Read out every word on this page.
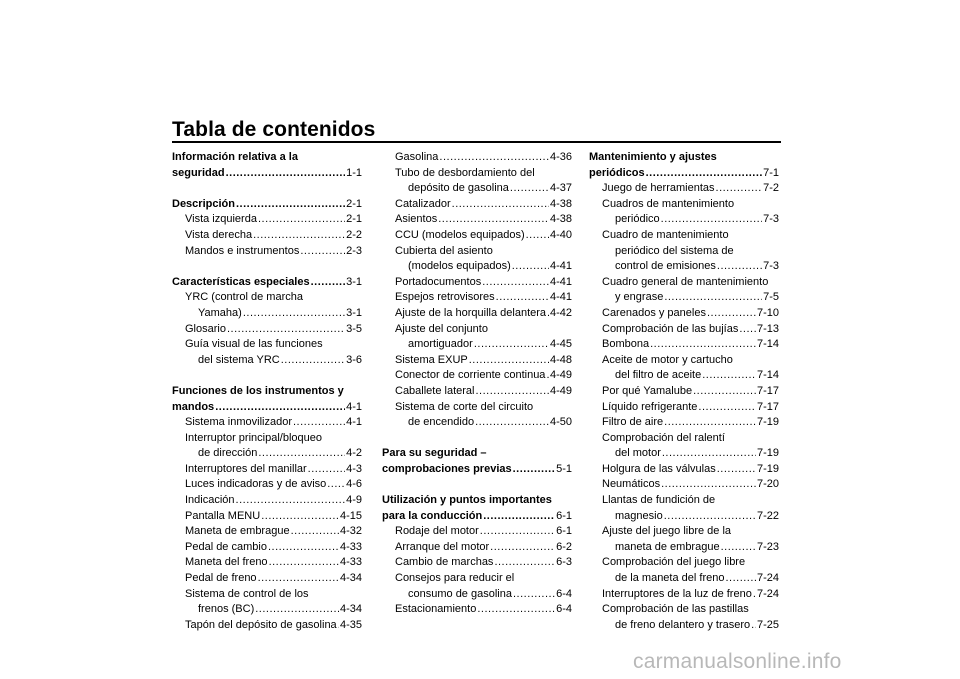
Tabla de contenidos
Información relativa a la
seguridad .....	1-1
Descripción .....	2-1
Vista izquierda .....	2-1
Vista derecha .....	2-2
Mandos e instrumentos .....	2-3
Características especiales .....	3-1
YRC (control de marcha
Yamaha) .....	3-1
Glosario .....	3-5
Guía visual de las funciones
del sistema YRC .....	3-6
Funciones de los instrumentos y
mandos .....	4-1
Sistema inmovilizador .....	4-1
Interruptor principal/bloqueo
de dirección .....	4-2
Interruptores del manillar .....	4-3
Luces indicadoras y de aviso ..... 4-6
Indicación .....	4-9
Pantalla MENU .....	4-15
Maneta de embrague .....	4-32
Pedal de cambio .....	4-33
Maneta del freno .....	4-33
Pedal de freno .....	4-34
Sistema de control de los
frenos (BC) .....	4-34
Tapón del depósito de gasolina ..... 4-35
Gasolina .....	4-36
Tubo de desbordamiento del
depósito de gasolina .....	4-37
Catalizador .....	4-38
Asientos .....	4-38
CCU (modelos equipados) ..... 4-40
Cubierta del asiento
(modelos equipados) .....	4-41
Portadocumentos .....	4-41
Espejos retrovisores .....	4-41
Ajuste de la horquilla delantera ..... 4-42
Ajuste del conjunto
amortiguador .....	4-45
Sistema EXUP .....	4-48
Conector de corriente continua ..... 4-49
Caballete lateral .....	4-49
Sistema de corte del circuito
de encendido .....	4-50
Para su seguridad –
comprobaciones previas .....	5-1
Utilización y puntos importantes
para la conducción .....	6-1
Rodaje del motor .....	6-1
Arranque del motor .....	6-2
Cambio de marchas .....	6-3
Consejos para reducir el
consumo de gasolina .....	6-4
Estacionamiento .....	6-4
Mantenimiento y ajustes
periódicos .....	7-1
Juego de herramientas .....	7-2
Cuadros de mantenimiento
periódico .....	7-3
Cuadro de mantenimiento
periódico del sistema de
control de emisiones .....	7-3
Cuadro general de mantenimiento
y engrase .....	7-5
Carenados y paneles .....	7-10
Comprobación de las bujías ..... 7-13
Bombona .....	7-14
Aceite de motor y cartucho
del filtro de aceite .....	7-14
Por qué Yamalube .....	7-17
Líquido refrigerante .....	7-17
Filtro de aire .....	7-19
Comprobación del ralentí
del motor .....	7-19
Holgura de las válvulas .....	7-19
Neumáticos .....	7-20
Llantas de fundición de
magnesio .....	7-22
Ajuste del juego libre de la
maneta de embrague .....	7-23
Comprobación del juego libre
de la maneta del freno .....	7-24
Interruptores de la luz de freno ..... 7-24
Comprobación de las pastillas
de freno delantero y trasero ..... 7-25
carmanualsonline.info
